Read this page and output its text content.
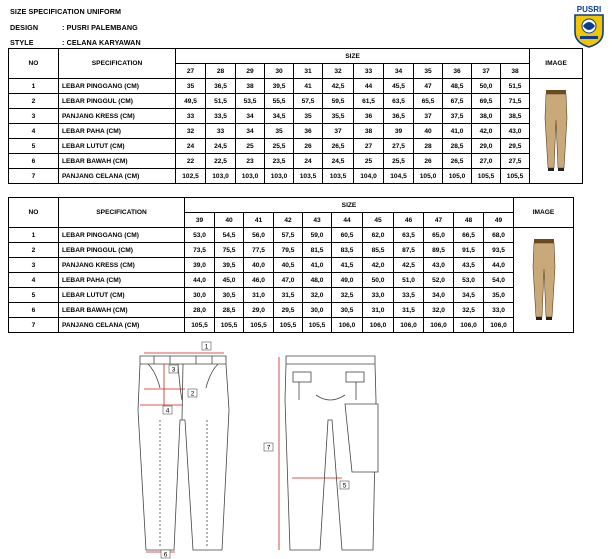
SIZE SPECIFICATION UNIFORM
DESIGN	: PUSRI PALEMBANG
STYLE	: CELANA KARYAWAN
PUSRI
NO	SPECIFICATION	SIZE												IMAGE
		27	28	29	30	31	32	33	34	35	36	37	38	
1	LEBAR PINGGANG (CM)	35	36,5	38	39,5	41	42,5	44	45,5	47	48,5	50,0	51,5	
2	LEBAR PINGGUL (CM)	49,5	51,5	53,5	55,5	57,5	59,5	61,5	63,5	65,5	67,5	69,5	71,5	
3	PANJANG KRESS (CM)	33	33,5	34	34,5	35	35,5	36	36,5	37	37,5	38,0	38,5	
4	LEBAR PAHA (CM)	32	33	34	35	36	37	38	39	40	41,0	42,0	43,0	
5	LEBAR LUTUT (CM)	24	24,5	25	25,5	26	26,5	27	27,5	28	28,5	29,0	29,5	
6	LEBAR BAWAH (CM)	22	22,5	23	23,5	24	24,5	25	25,5	26	26,5	27,0	27,5	
7	PANJANG CELANA (CM)	102,5	103,0	103,0	103,0	103,5	103,5	104,0	104,5	105,0	105,0	105,5	105,5	
NO	SPECIFICATION	SIZE											IMAGE
		39	40	41	42	43	44	45	46	47	48	49	
1	LEBAR PINGGANG (CM)	53,0	54,5	56,0	57,5	59,0	60,5	62,0	63,5	65,0	66,5	68,0	
2	LEBAR PINGGUL (CM)	73,5	75,5	77,5	79,5	81,5	83,5	85,5	87,5	89,5	91,5	93,5	
3	PANJANG KRESS (CM)	39,0	39,5	40,0	40,5	41,0	41,5	42,0	42,5	43,0	43,5	44,0	
4	LEBAR PAHA (CM)	44,0	45,0	46,0	47,0	48,0	49,0	50,0	51,0	52,0	53,0	54,0	
5	LEBAR LUTUT (CM)	30,0	30,5	31,0	31,5	32,0	32,5	33,0	33,5	34,0	34,5	35,0	
6	LEBAR BAWAH (CM)	28,0	28,5	29,0	29,5	30,0	30,5	31,0	31,5	32,0	32,5	33,0	
7	PANJANG CELANA (CM)	105,5	105,5	105,5	105,5	105,5	106,0	106,0	106,0	106,0	106,0	106,0	
1
2
3
4
5
6
7
